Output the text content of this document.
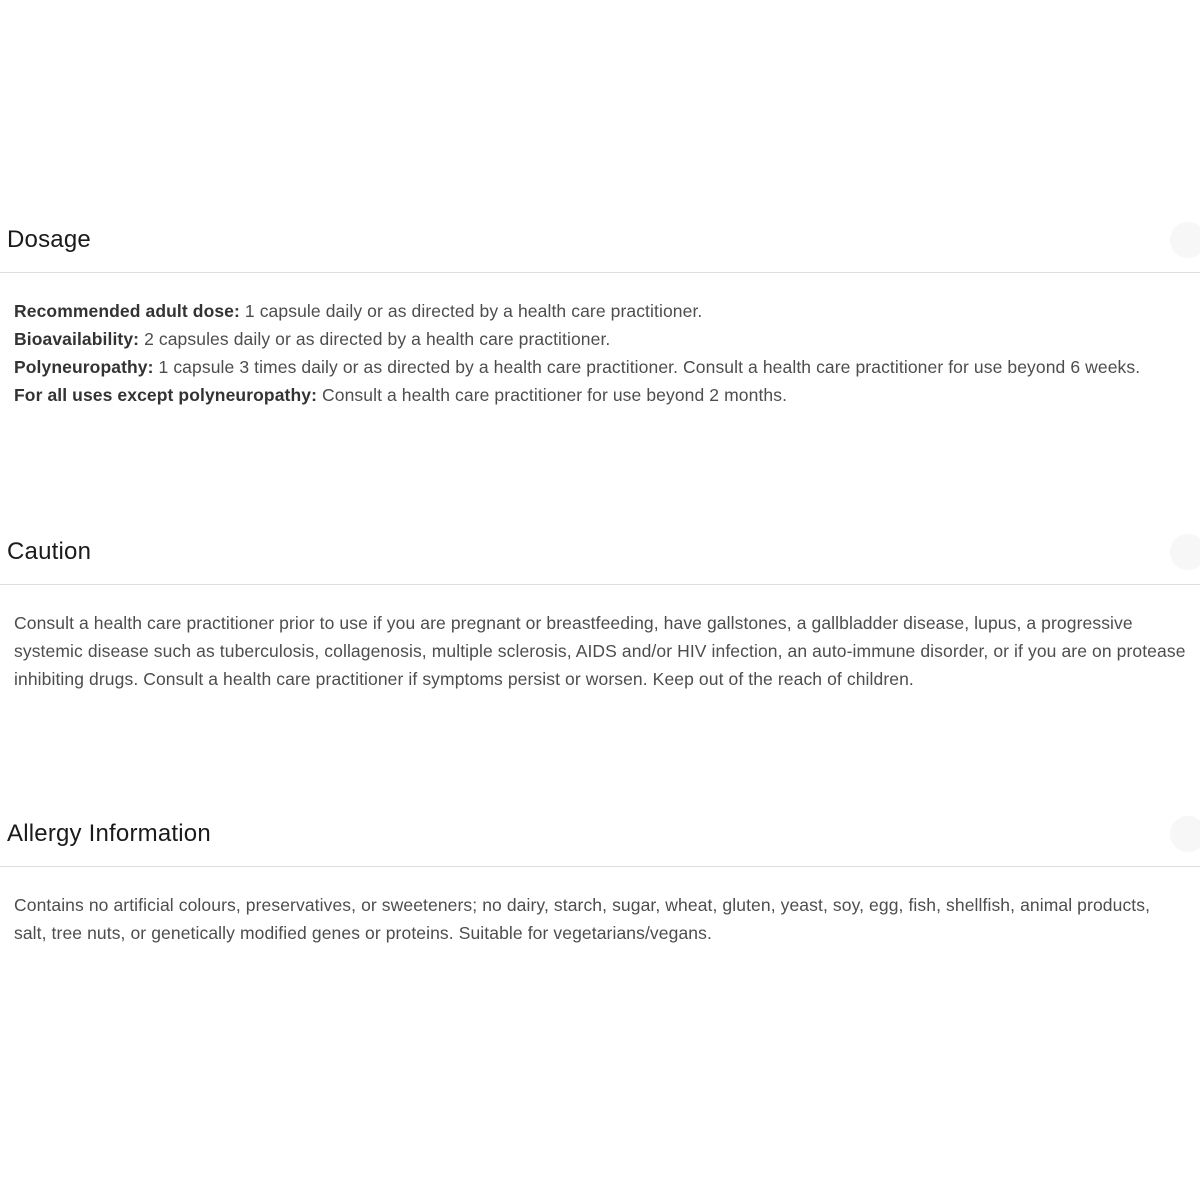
Dosage

Recommended adult dose: 1 capsule daily or as directed by a health care practitioner.

Bioavailability: 2 capsules daily or as directed by a health care practitioner.

Polyneuropathy: 1 capsule 3 times daily or as directed by a health care practitioner. Consult a health care practitioner for use beyond 6 weeks.

For all uses except polyneuropathy: Consult a health care practitioner for use beyond 2 months.

Caution

Consult a health care practitioner prior to use if you are pregnant or breastfeeding, have gallstones, a gallbladder disease, lupus, a progressive systemic disease such as tuberculosis, collagenosis, multiple sclerosis, AIDS and/or HIV infection, an auto-immune disorder, or if you are on protease inhibiting drugs. Consult a health care practitioner if symptoms persist or worsen. Keep out of the reach of children.

Allergy Information

Contains no artificial colours, preservatives, or sweeteners; no dairy, starch, sugar, wheat, gluten, yeast, soy, egg, fish, shellfish, animal products, salt, tree nuts, or genetically modified genes or proteins. Suitable for vegetarians/vegans.
